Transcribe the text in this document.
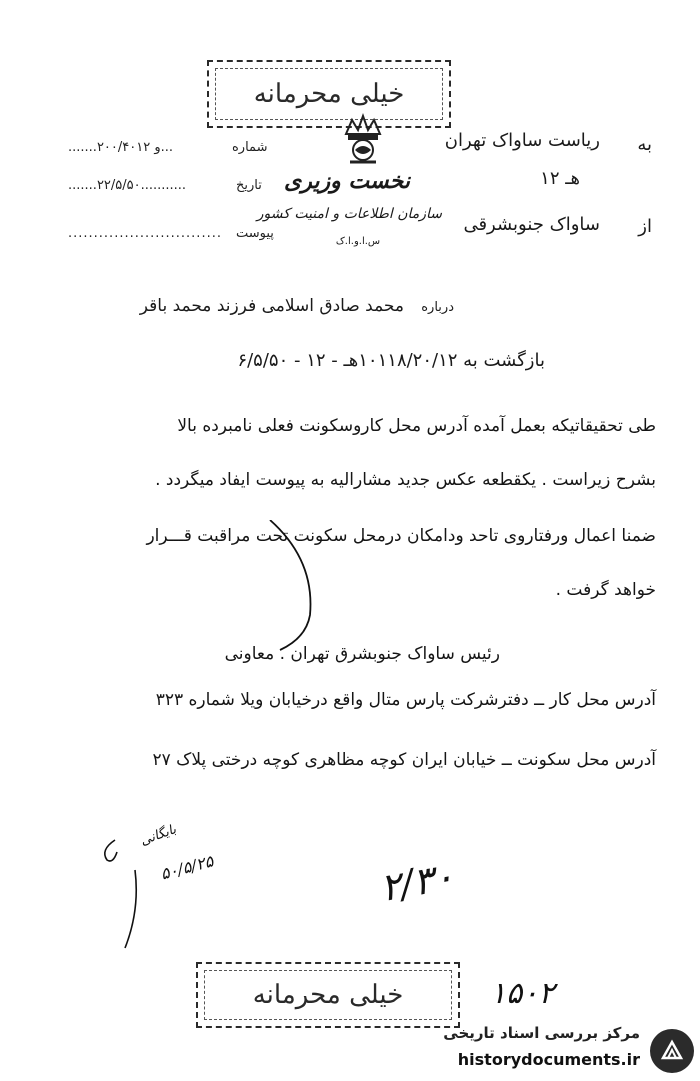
خیلی محرمانه
نخست وزیری
سازمان اطلاعات و امنیت کشور
س.ا.و.ا.ک
به
ریاست ساواک تهران
هـ ۱۲
از
ساواک جنوبشرقی
شماره
.......۲۰۰/۴۰۱۲ و...
تاریخ
.......۲۲/۵/۵۰...........
پیوست
..............................
درباره
محمد صادق اسلامی فرزند محمد باقر
بازگشت به ۱۰۱۱۸/۲۰/۱۲هـ - ۱۲ - ۶/۵/۵۰
طی تحقیقاتیکه بعمل آمده آدرس محل کاروسکونت فعلی نامبرده بالا
بشرح زیراست . یکقطعه عکس جدید مشارالیه به پیوست ایفاد میگردد .
ضمنا اعمال ورفتاروی تاحد ودامکان درمحل سکونت تحت مراقبت قـــرار
خواهد گرفت .
رئیس ساواک جنوبشرق تهران . معاونی
آدرس محل کار ــ دفترشرکت پارس متال واقع درخیابان ویلا شماره ۳۲۳
آدرس محل سکونت ــ خیابان ایران کوچه مظاهری کوچه درختی پلاک ۲۷
بایگانی
۵۰/۵/۲۵	۲/۳۰
خیلی محرمانه	۱۵۰۲
مرکز بررسی اسناد تاریخی
historydocuments.ir
